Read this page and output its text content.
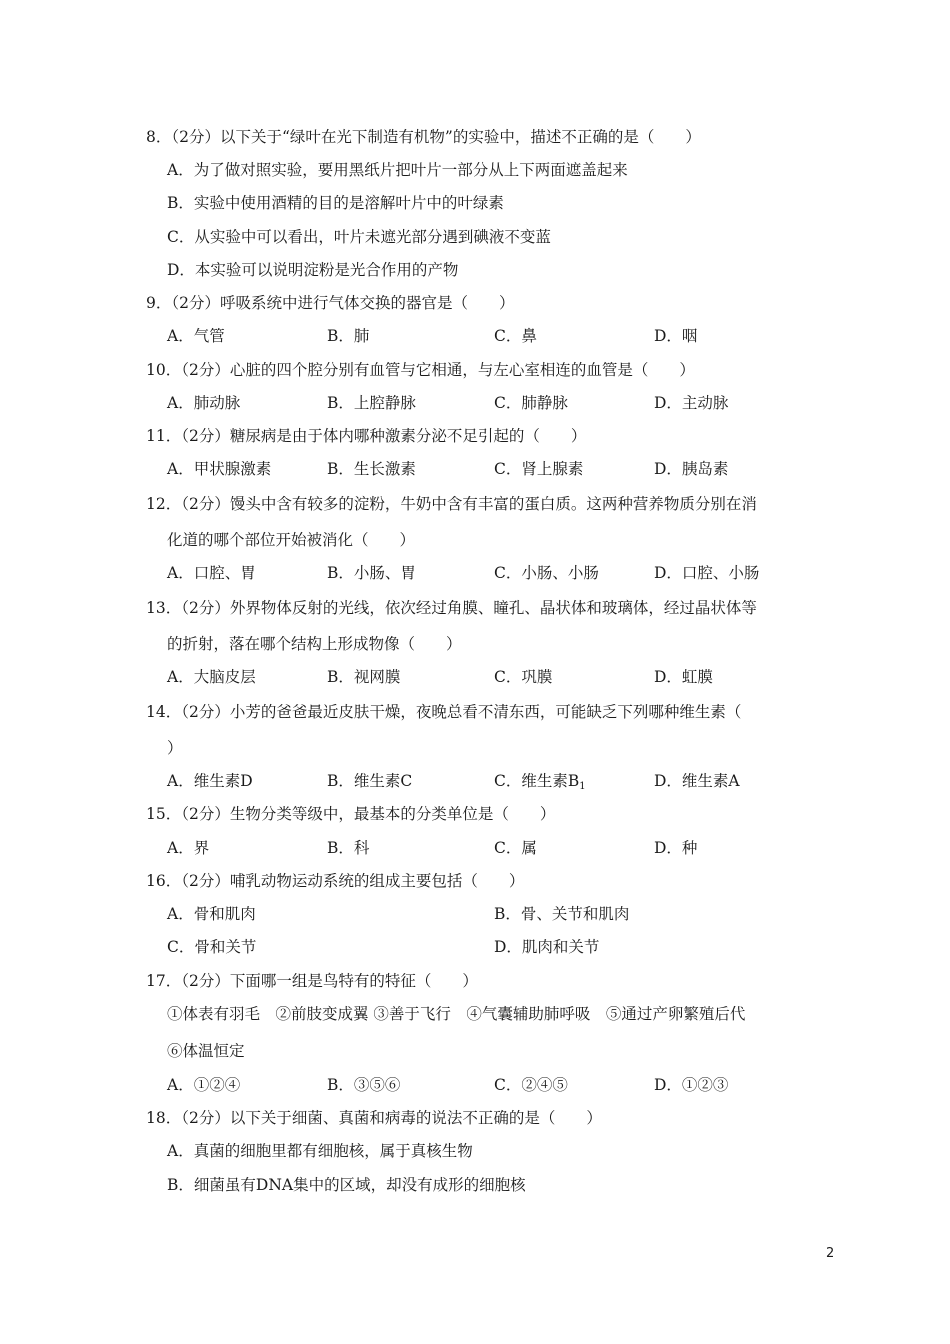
8．（2分）以下关于“绿叶在光下制造有机物”的实验中，描述不正确的是（　　）
A．为了做对照实验，要用黑纸片把叶片一部分从上下两面遮盖起来
B．实验中使用酒精的目的是溶解叶片中的叶绿素
C．从实验中可以看出，叶片未遮光部分遇到碘液不变蓝
D．本实验可以说明淀粉是光合作用的产物
9．（2分）呼吸系统中进行气体交换的器官是（　　）
A．气管	B．肺	C．鼻	D．咽
10．（2分）心脏的四个腔分别有血管与它相通，与左心室相连的血管是（　　）
A．肺动脉	B．上腔静脉	C．肺静脉	D．主动脉
11．（2分）糖尿病是由于体内哪种激素分泌不足引起的（　　）
A．甲状腺激素	B．生长激素	C．肾上腺素	D．胰岛素
12．（2分）馒头中含有较多的淀粉，牛奶中含有丰富的蛋白质。这两种营养物质分别在消
化道的哪个部位开始被消化（　　）
A．口腔、胃	B．小肠、胃	C．小肠、小肠	D．口腔、小肠
13．（2分）外界物体反射的光线，依次经过角膜、瞳孔、晶状体和玻璃体，经过晶状体等
的折射，落在哪个结构上形成物像（　　）
A．大脑皮层	B．视网膜	C．巩膜	D．虹膜
14．（2分）小芳的爸爸最近皮肤干燥，夜晚总看不清东西，可能缺乏下列哪种维生素（
）
A．维生素D	B．维生素C	C．维生素$B_1$	D．维生素A
15．（2分）生物分类等级中，最基本的分类单位是（　　）
A．界	B．科	C．属	D．种
16．（2分）哺乳动物运动系统的组成主要包括（　　）
A．骨和肌肉	B．骨、关节和肌肉
C．骨和关节	D．肌肉和关节
17．（2分）下面哪一组是鸟特有的特征（　　）
①体表有羽毛　②前肢变成翼 ③善于飞行　④气囊辅助肺呼吸　⑤通过产卵繁殖后代
⑥体温恒定
A．①②④	B．③⑤⑥	C．②④⑤	D．①②③
18．（2分）以下关于细菌、真菌和病毒的说法不正确的是（　　）
A．真菌的细胞里都有细胞核，属于真核生物
B．细菌虽有DNA集中的区域，却没有成形的细胞核
2
